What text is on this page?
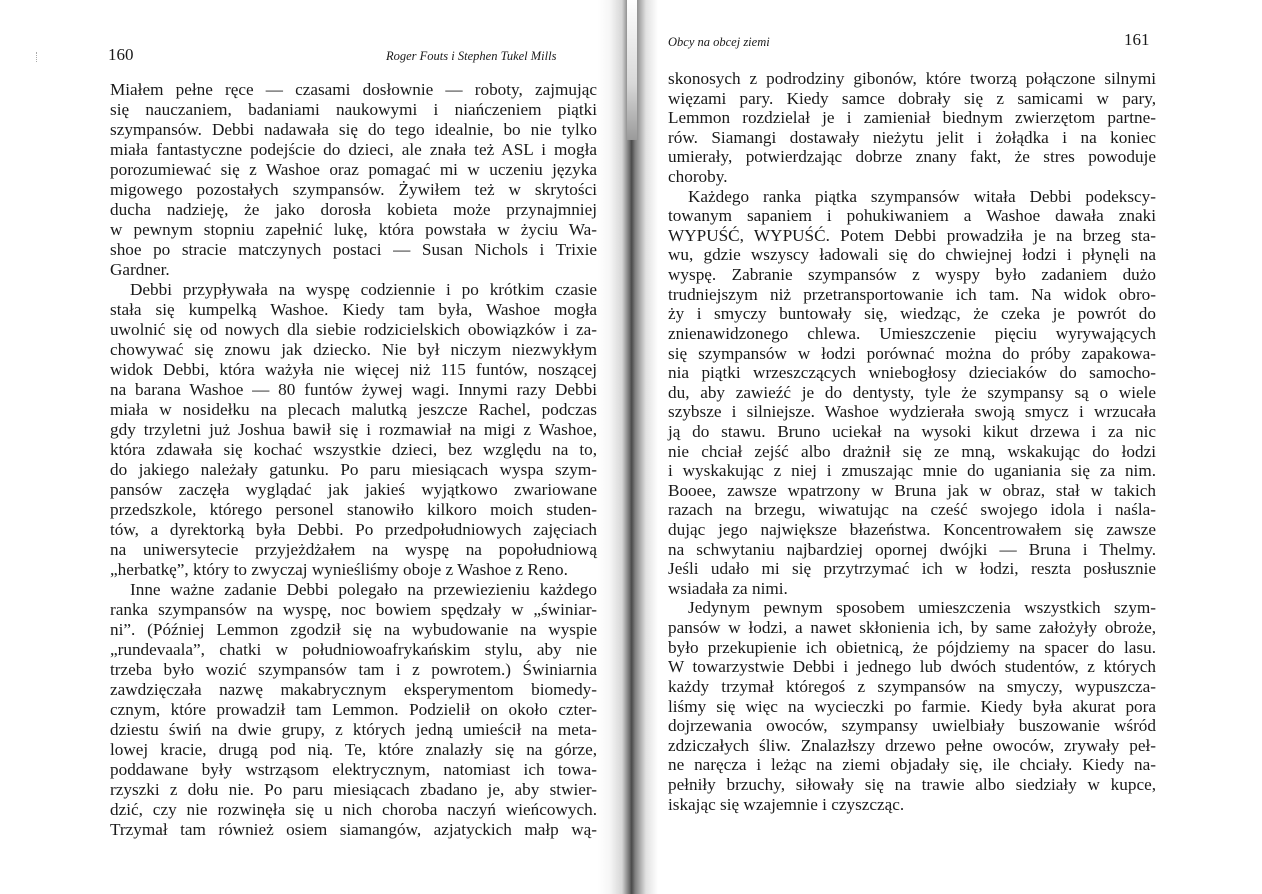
160	Roger Fouts i Stephen Tukel Mills
Obcy na obcej ziemi	161
Miałem pełne ręce — czasami dosłownie — roboty, zajmując
się nauczaniem, badaniami naukowymi i niańczeniem piątki
szympansów. Debbi nadawała się do tego idealnie, bo nie tylko
miała fantastyczne podejście do dzieci, ale znała też ASL i mogła
porozumiewać się z Washoe oraz pomagać mi w uczeniu języka
migowego pozostałych szympansów. Żywiłem też w skrytości
ducha nadzieję, że jako dorosła kobieta może przynajmniej
w pewnym stopniu zapełnić lukę, która powstała w życiu Wa-
shoe po stracie matczynych postaci — Susan Nichols i Trixie
Gardner.
Debbi przypływała na wyspę codziennie i po krótkim czasie
stała się kumpelką Washoe. Kiedy tam była, Washoe mogła
uwolnić się od nowych dla siebie rodzicielskich obowiązków i za-
chowywać się znowu jak dziecko. Nie był niczym niezwykłym
widok Debbi, która ważyła nie więcej niż 115 funtów, noszącej
na barana Washoe — 80 funtów żywej wagi. Innymi razy Debbi
miała w nosidełku na plecach malutką jeszcze Rachel, podczas
gdy trzyletni już Joshua bawił się i rozmawiał na migi z Washoe,
która zdawała się kochać wszystkie dzieci, bez względu na to,
do jakiego należały gatunku. Po paru miesiącach wyspa szym-
pansów zaczęła wyglądać jak jakieś wyjątkowo zwariowane
przedszkole, którego personel stanowiło kilkoro moich studen-
tów, a dyrektorką była Debbi. Po przedpołudniowych zajęciach
na uniwersytecie przyjeżdżałem na wyspę na popołudniową
„herbatkę”, który to zwyczaj wynieśliśmy oboje z Washoe z Reno.
Inne ważne zadanie Debbi polegało na przewiezieniu każdego
ranka szympansów na wyspę, noc bowiem spędzały w „świniar-
ni”. (Później Lemmon zgodził się na wybudowanie na wyspie
„rundevaala”, chatki w południowoafrykańskim stylu, aby nie
trzeba było wozić szympansów tam i z powrotem.) Świniarnia
zawdzięczała nazwę makabrycznym eksperymentom biomedy-
cznym, które prowadził tam Lemmon. Podzielił on około czter-
dziestu świń na dwie grupy, z których jedną umieścił na meta-
lowej kracie, drugą pod nią. Te, które znalazły się na górze,
poddawane były wstrząsom elektrycznym, natomiast ich towa-
rzyszki z dołu nie. Po paru miesiącach zbadano je, aby stwier-
dzić, czy nie rozwinęła się u nich choroba naczyń wieńcowych.
Trzymał tam również osiem siamangów, azjatyckich małp wą-
skonosych z podrodziny gibonów, które tworzą połączone silnymi
więzami pary. Kiedy samce dobrały się z samicami w pary,
Lemmon rozdzielał je i zamieniał biednym zwierzętom partne-
rów. Siamangi dostawały nieżytu jelit i żołądka i na koniec
umierały, potwierdzając dobrze znany fakt, że stres powoduje
choroby.
Każdego ranka piątka szympansów witała Debbi podekscy-
towanym sapaniem i pohukiwaniem a Washoe dawała znaki
WYPUŚĆ, WYPUŚĆ. Potem Debbi prowadziła je na brzeg sta-
wu, gdzie wszyscy ładowali się do chwiejnej łodzi i płynęli na
wyspę. Zabranie szympansów z wyspy było zadaniem dużo
trudniejszym niż przetransportowanie ich tam. Na widok obro-
ży i smyczy buntowały się, wiedząc, że czeka je powrót do
znienawidzonego chlewa. Umieszczenie pięciu wyrywających
się szympansów w łodzi porównać można do próby zapakowa-
nia piątki wrzeszczących wniebogłosy dzieciaków do samocho-
du, aby zawieźć je do dentysty, tyle że szympansy są o wiele
szybsze i silniejsze. Washoe wydzierała swoją smycz i wrzucała
ją do stawu. Bruno uciekał na wysoki kikut drzewa i za nic
nie chciał zejść albo drażnił się ze mną, wskakując do łodzi
i wyskakując z niej i zmuszając mnie do uganiania się za nim.
Booee, zawsze wpatrzony w Bruna jak w obraz, stał w takich
razach na brzegu, wiwatując na cześć swojego idola i naśla-
dując jego największe błazeństwa. Koncentrowałem się zawsze
na schwytaniu najbardziej opornej dwójki — Bruna i Thelmy.
Jeśli udało mi się przytrzymać ich w łodzi, reszta posłusznie
wsiadała za nimi.
Jedynym pewnym sposobem umieszczenia wszystkich szym-
pansów w łodzi, a nawet skłonienia ich, by same założyły obroże,
było przekupienie ich obietnicą, że pójdziemy na spacer do lasu.
W towarzystwie Debbi i jednego lub dwóch studentów, z których
każdy trzymał któregoś z szympansów na smyczy, wypuszcza-
liśmy się więc na wycieczki po farmie. Kiedy była akurat pora
dojrzewania owoców, szympansy uwielbiały buszowanie wśród
zdziczałych śliw. Znalazłszy drzewo pełne owoców, zrywały peł-
ne naręcza i leżąc na ziemi objadały się, ile chciały. Kiedy na-
pełniły brzuchy, siłowały się na trawie albo siedziały w kupce,
iskając się wzajemnie i czyszcząc.
